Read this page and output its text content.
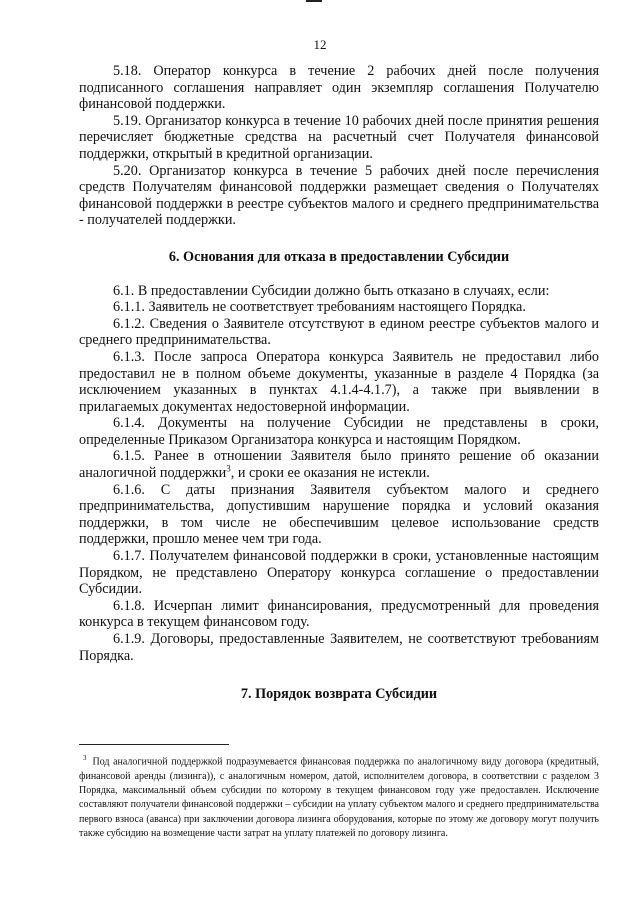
12

5.18. Оператор конкурса в течение 2 рабочих дней после получения подписанного соглашения направляет один экземпляр соглашения Получателю финансовой поддержки.

5.19. Организатор конкурса в течение 10 рабочих дней после принятия решения перечисляет бюджетные средства на расчетный счет Получателя финансовой поддержки, открытый в кредитной организации.

5.20. Организатор конкурса в течение 5 рабочих дней после перечисления средств Получателям финансовой поддержки размещает сведения о Получателях финансовой поддержки в реестре субъектов малого и среднего предпринимательства - получателей поддержки.

6. Основания для отказа в предоставлении Субсидии

6.1. В предоставлении Субсидии должно быть отказано в случаях, если:

6.1.1. Заявитель не соответствует требованиям настоящего Порядка.

6.1.2. Сведения о Заявителе отсутствуют в едином реестре субъектов малого и среднего предпринимательства.

6.1.3. После запроса Оператора конкурса Заявитель не предоставил либо предоставил не в полном объеме документы, указанные в разделе 4 Порядка (за исключением указанных в пунктах 4.1.4-4.1.7), а также при выявлении в прилагаемых документах недостоверной информации.

6.1.4. Документы на получение Субсидии не представлены в сроки, определенные Приказом Организатора конкурса и настоящим Порядком.

6.1.5. Ранее в отношении Заявителя было принято решение об оказании аналогичной поддержки$^3$, и сроки ее оказания не истекли.

6.1.6. С даты признания Заявителя субъектом малого и среднего предпринимательства, допустившим нарушение порядка и условий оказания поддержки, в том числе не обеспечившим целевое использование средств поддержки, прошло менее чем три года.

6.1.7. Получателем финансовой поддержки в сроки, установленные настоящим Порядком, не представлено Оператору конкурса соглашение о предоставлении Субсидии.

6.1.8. Исчерпан лимит финансирования, предусмотренный для проведения конкурса в текущем финансовом году.

6.1.9. Договоры, предоставленные Заявителем, не соответствуют требованиям Порядка.

7. Порядок возврата Субсидии
$^3$ Под аналогичной поддержкой подразумевается финансовая поддержка по аналогичному виду договора (кредитный, финансовой аренды (лизинга)), с аналогичным номером, датой, исполнителем договора, в соответствии с разделом 3 Порядка, максимальный объем субсидии по которому в текущем финансовом году уже предоставлен. Исключение составляют получатели финансовой поддержки – субсидии на уплату субъектом малого и среднего предпринимательства первого взноса (аванса) при заключении договора лизинга оборудования, которые по этому же договору могут получить также субсидию на возмещение части затрат на уплату платежей по договору лизинга.
